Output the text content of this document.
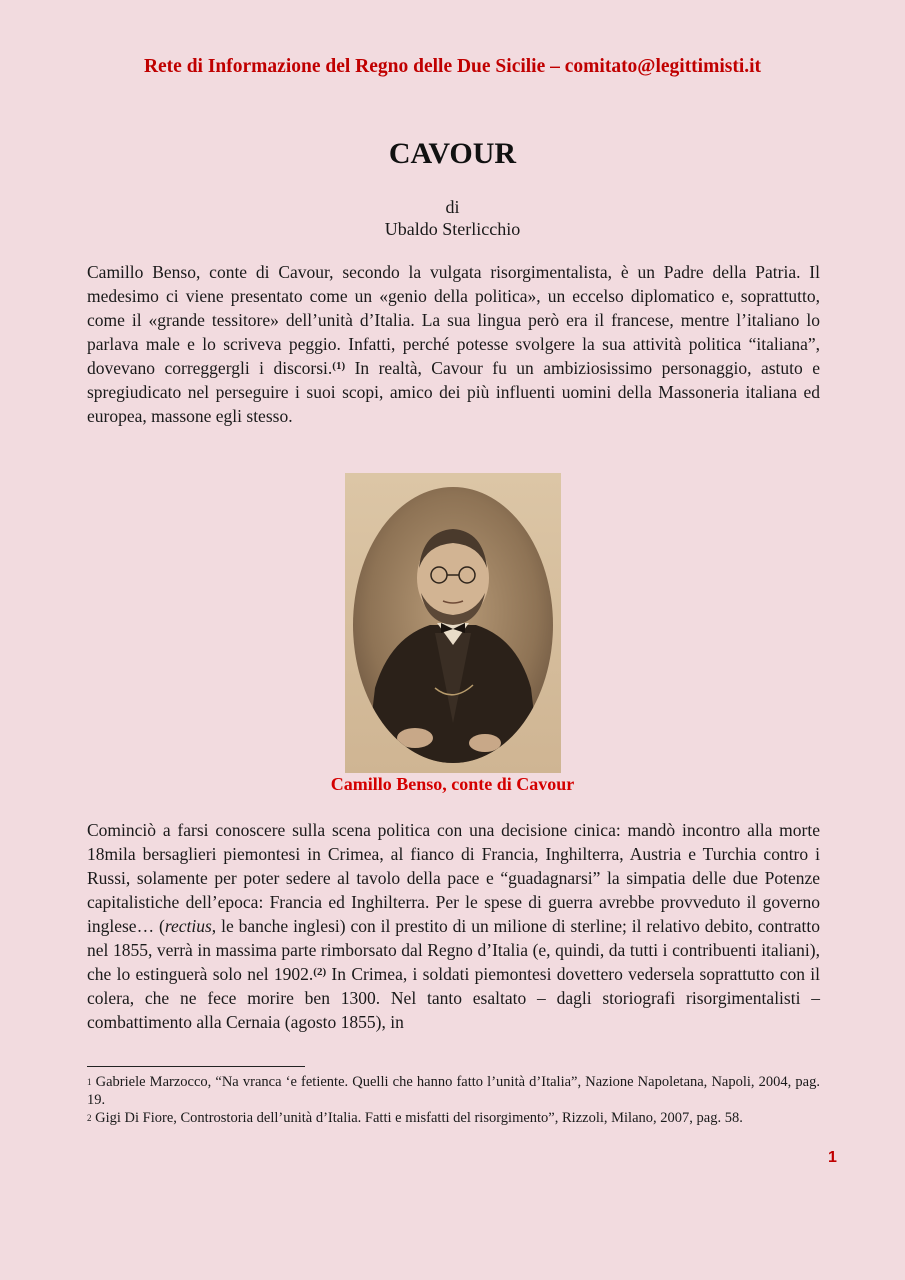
Rete di Informazione del Regno delle Due Sicilie – comitato@legittimisti.it
CAVOUR
di
Ubaldo Sterlicchio
Camillo Benso, conte di Cavour, secondo la vulgata risorgimentalista, è un Padre della Patria. Il medesimo ci viene presentato come un «genio della politica», un eccelso diplomatico e, soprattutto, come il «grande tessitore» dell’unità d’Italia. La sua lingua però era il francese, mentre l’italiano lo parlava male e lo scriveva peggio. Infatti, perché potesse svolgere la sua attività politica “italiana”, dovevano correggergli i discorsi.$^{(1)}$ In realtà, Cavour fu un ambiziosissimo personaggio, astuto e spregiudicato nel perseguire i suoi scopi, amico dei più influenti uomini della Massoneria italiana ed europea, massone egli stesso.
Camillo Benso, conte di Cavour
Cominciò a farsi conoscere sulla scena politica con una decisione cinica: mandò incontro alla morte 18mila bersaglieri piemontesi in Crimea, al fianco di Francia, Inghilterra, Austria e Turchia contro i Russi, solamente per poter sedere al tavolo della pace e “guadagnarsi” la simpatia delle due Potenze capitalistiche dell’epoca: Francia ed Inghilterra. Per le spese di guerra avrebbe provveduto il governo inglese… (rectius, le banche inglesi) con il prestito di un milione di sterline; il relativo debito, contratto nel 1855, verrà in massima parte rimborsato dal Regno d’Italia (e, quindi, da tutti i contribuenti italiani), che lo estinguerà solo nel 1902.$^{(2)}$ In Crimea, i soldati piemontesi dovettero vedersela soprattutto con il colera, che ne fece morire ben 1300. Nel tanto esaltato – dagli storiografi risorgimentalisti – combattimento alla Cernaia (agosto 1855), in

$^1$ Gabriele Marzocco, “Na vranca ‘e fetiente. Quelli che hanno fatto l’unità d’Italia”, Nazione Napoletana, Napoli, 2004, pag. 19.

$^2$ Gigi Di Fiore, Controstoria dell’unità d’Italia. Fatti e misfatti del risorgimento”, Rizzoli, Milano, 2007, pag. 58.

1
